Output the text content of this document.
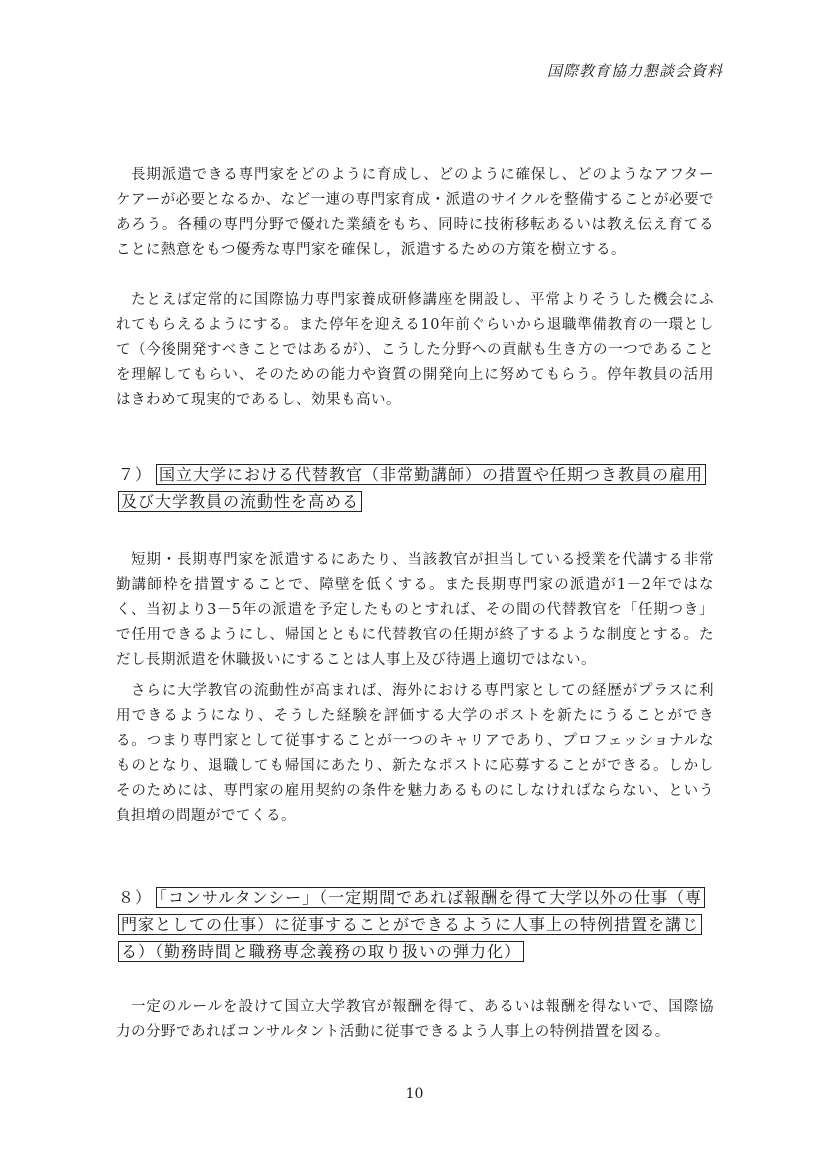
国際教育協力懇談会資料

長期派遣できる専門家をどのように育成し、どのように確保し、どのようなアフターケアーが必要となるか、など一連の専門家育成・派遣のサイクルを整備することが必要であろう。各種の専門分野で優れた業績をもち、同時に技術移転あるいは教え伝え育てることに熱意をもつ優秀な専門家を確保し，派遣するための方策を樹立する。

たとえば定常的に国際協力専門家養成研修講座を開設し、平常よりそうした機会にふれてもらえるようにする。また停年を迎える10年前ぐらいから退職準備教育の一環として（今後開発すべきことではあるが）、こうした分野への貢献も生き方の一つであることを理解してもらい、そのための能力や資質の開発向上に努めてもらう。停年教員の活用はきわめて現実的であるし、効果も高い。

７） 国立大学における代替教官（非常勤講師）の措置や任期つき教員の雇用及び大学教員の流動性を高める

短期・長期専門家を派遣するにあたり、当該教官が担当している授業を代講する非常勤講師枠を措置することで、障壁を低くする。また長期専門家の派遣が1－2年ではなく、当初より3－5年の派遣を予定したものとすれば、その間の代替教官を「任期つき」で任用できるようにし、帰国とともに代替教官の任期が終了するような制度とする。ただし長期派遣を休職扱いにすることは人事上及び待遇上適切ではない。

さらに大学教官の流動性が高まれば、海外における専門家としての経歴がプラスに利用できるようになり、そうした経験を評価する大学のポストを新たにうることができる。つまり専門家として従事することが一つのキャリアであり、プロフェッショナルなものとなり、退職しても帰国にあたり、新たなポストに応募することができる。しかしそのためには、専門家の雇用契約の条件を魅力あるものにしなければならない、という負担増の問題がでてくる。

８） 「コンサルタンシー」（一定期間であれば報酬を得て大学以外の仕事（専門家としての仕事）に従事することができるように人事上の特例措置を講じる）（勤務時間と職務専念義務の取り扱いの弾力化）

一定のルールを設けて国立大学教官が報酬を得て、あるいは報酬を得ないで、国際協力の分野であればコンサルタント活動に従事できるよう人事上の特例措置を図る。

10
